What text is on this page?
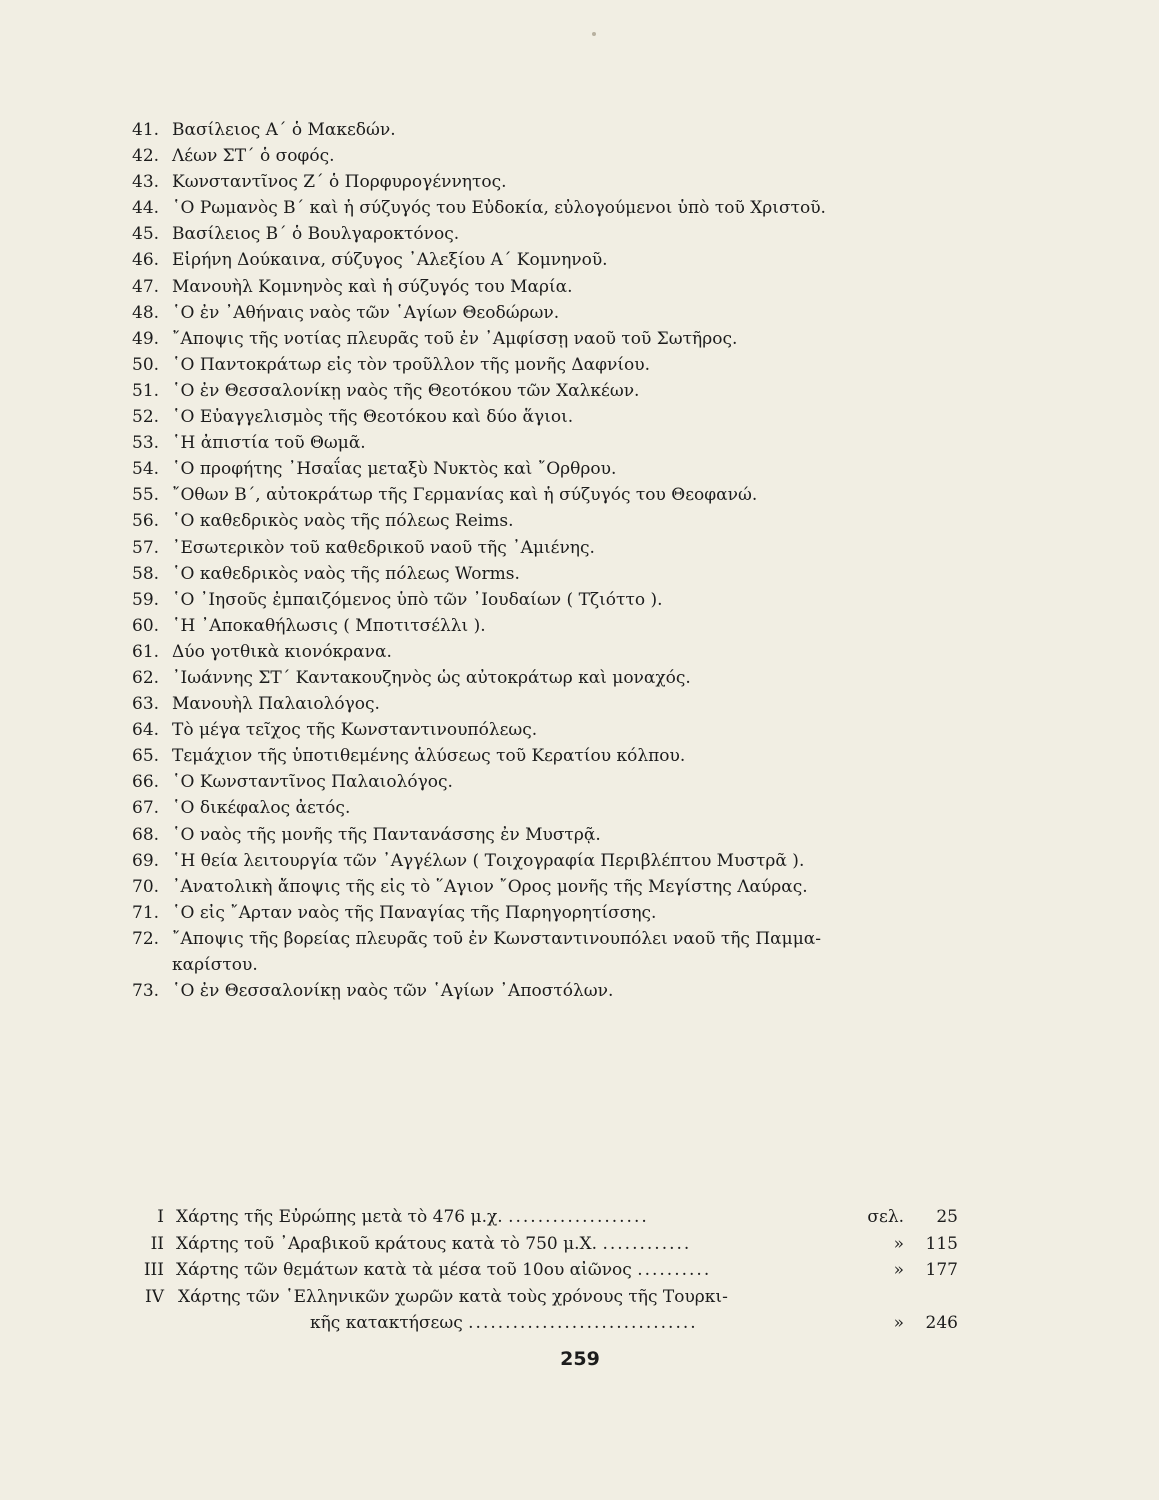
41. Βασίλειος Α΄ ὁ Μακεδών.
42. Λέων ΣΤ΄ ὁ σοφός.
43. Κωνσταντῖνος Ζ΄ ὁ Πορφυρογέννητος.
44. ῾Ο Ρωμανὸς Β΄ καὶ ἡ σύζυγός του Εὐδοκία, εὐλογούμενοι ὑπὸ τοῦ Χριστοῦ.
45. Βασίλειος Β΄ ὁ Βουλγαροκτόνος.
46. Εἰρήνη Δούκαινα, σύζυγος ᾿Αλεξίου Α΄ Κομνηνοῦ.
47. Μανουὴλ Κομνηνὸς καὶ ἡ σύζυγός του Μαρία.
48. ῾Ο ἐν ᾿Αθήναις ναὸς τῶν ῾Αγίων Θεοδώρων.
49. ῎Αποψις τῆς νοτίας πλευρᾶς τοῦ ἐν ᾿Αμφίσσῃ ναοῦ τοῦ Σωτῆρος.
50. ῾Ο Παντοκράτωρ εἰς τὸν τροῦλλον τῆς μονῆς Δαφνίου.
51. ῾Ο ἐν Θεσσαλονίκῃ ναὸς τῆς Θεοτόκου τῶν Χαλκέων.
52. ῾Ο Εὐαγγελισμὸς τῆς Θεοτόκου καὶ δύο ἅγιοι.
53. ῾Η ἀπιστία τοῦ Θωμᾶ.
54. ῾Ο προφήτης ᾿Ησαΐας μεταξὺ Νυκτὸς καὶ ῎Ορθρου.
55. ῎Οθων Β΄, αὐτοκράτωρ τῆς Γερμανίας καὶ ἡ σύζυγός του Θεοφανώ.
56. ῾Ο καθεδρικὸς ναὸς τῆς πόλεως Reims.
57. ᾿Εσωτερικὸν τοῦ καθεδρικοῦ ναοῦ τῆς ᾿Αμιένης.
58. ῾Ο καθεδρικὸς ναὸς τῆς πόλεως Worms.
59. ῾Ο ᾿Ιησοῦς ἐμπαιζόμενος ὑπὸ τῶν ᾿Ιουδαίων ( Τζιόττο ).
60. ῾Η ᾿Αποκαθήλωσις ( Μποτιτσέλλι ).
61. Δύο γοτθικὰ κιονόκρανα.
62. ᾿Ιωάννης ΣΤ΄ Καντακουζηνὸς ὡς αὐτοκράτωρ καὶ μοναχός.
63. Μανουὴλ Παλαιολόγος.
64. Τὸ μέγα τεῖχος τῆς Κωνσταντινουπόλεως.
65. Τεμάχιον τῆς ὑποτιθεμένης ἁλύσεως τοῦ Κερατίου κόλπου.
66. ῾Ο Κωνσταντῖνος Παλαιολόγος.
67. ῾Ο δικέφαλος ἀετός.
68. ῾Ο ναὸς τῆς μονῆς τῆς Παντανάσσης ἐν Μυστρᾷ.
69. ῾Η θεία λειτουργία τῶν ᾿Αγγέλων ( Τοιχογραφία Περιβλέπτου Μυστρᾶ ).
70. ᾿Ανατολικὴ ἄποψις τῆς εἰς τὸ ῞Αγιον ῎Ορος μονῆς τῆς Μεγίστης Λαύρας.
71. ῾Ο εἰς ῎Αρταν ναὸς τῆς Παναγίας τῆς Παρηγορητίσσης.
72. ῎Αποψις τῆς βορείας πλευρᾶς τοῦ ἐν Κωνσταντινουπόλει ναοῦ τῆς Παμμα-
καρίστου.
73. ῾Ο ἐν Θεσσαλονίκῃ ναὸς τῶν ῾Αγίων ᾿Αποστόλων.
I Χάρτης τῆς Εὐρώπης μετὰ τὸ 476 μ.χ. ...................	σελ.	25
II Χάρτης τοῦ ᾿Αραβικοῦ κράτους κατὰ τὸ 750 μ.Χ. ............	»	115
III Χάρτης τῶν θεμάτων κατὰ τὰ μέσα τοῦ 10ου αἰῶνος ..........	»	177
IV Χάρτης τῶν ῾Ελληνικῶν χωρῶν κατὰ τοὺς χρόνους τῆς Τουρκι-
κῆς κατακτήσεως ...............................	»	246
259
